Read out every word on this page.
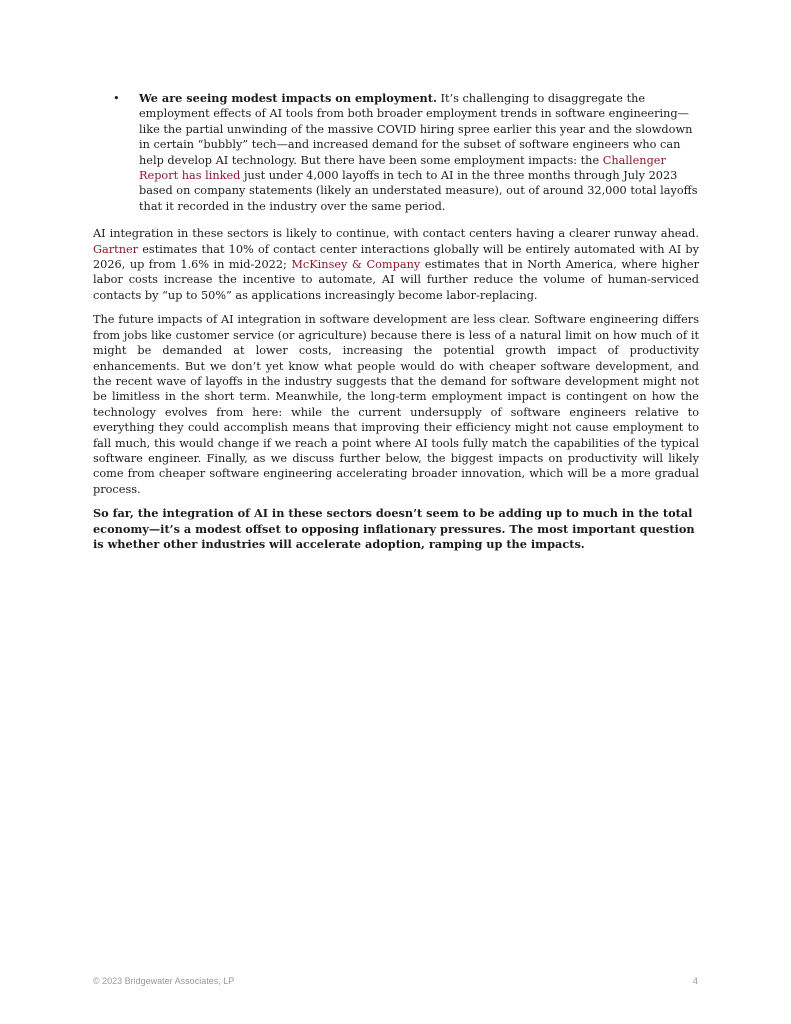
• We are seeing modest impacts on employment. It’s challenging to disaggregate the employment effects of AI tools from both broader employment trends in software engineering—like the partial unwinding of the massive COVID hiring spree earlier this year and the slowdown in certain “bubbly” tech—and increased demand for the subset of software engineers who can help develop AI technology. But there have been some employment impacts: the Challenger Report has linked just under 4,000 layoffs in tech to AI in the three months through July 2023 based on company statements (likely an understated measure), out of around 32,000 total layoffs that it recorded in the industry over the same period.

AI integration in these sectors is likely to continue, with contact centers having a clearer runway ahead. Gartner estimates that 10% of contact center interactions globally will be entirely automated with AI by 2026, up from 1.6% in mid-2022; McKinsey & Company estimates that in North America, where higher labor costs increase the incentive to automate, AI will further reduce the volume of human-serviced contacts by “up to 50%” as applications increasingly become labor-replacing.

The future impacts of AI integration in software development are less clear. Software engineering differs from jobs like customer service (or agriculture) because there is less of a natural limit on how much of it might be demanded at lower costs, increasing the potential growth impact of productivity enhancements. But we don’t yet know what people would do with cheaper software development, and the recent wave of layoffs in the industry suggests that the demand for software development might not be limitless in the short term. Meanwhile, the long-term employment impact is contingent on how the technology evolves from here: while the current undersupply of software engineers relative to everything they could accomplish means that improving their efficiency might not cause employment to fall much, this would change if we reach a point where AI tools fully match the capabilities of the typical software engineer. Finally, as we discuss further below, the biggest impacts on productivity will likely come from cheaper software engineering accelerating broader innovation, which will be a more gradual process.

So far, the integration of AI in these sectors doesn’t seem to be adding up to much in the total economy—it’s a modest offset to opposing inflationary pressures. The most important question is whether other industries will accelerate adoption, ramping up the impacts.

© 2023 Bridgewater Associates, LP	4
